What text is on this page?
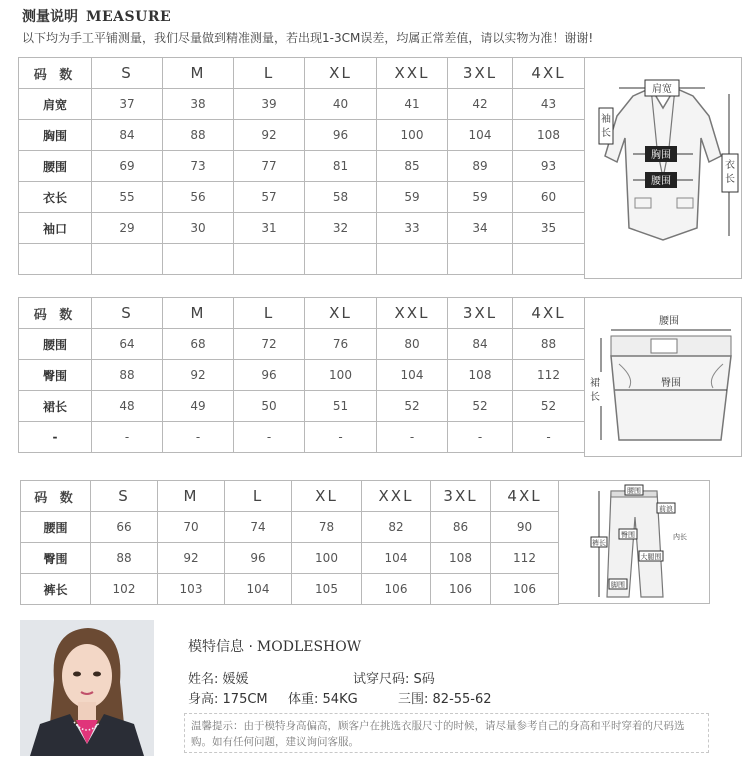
测量说明 MEASURE
以下均为手工平铺测量，我们尽量做到精准测量，若出现1-3CM误差，均属正常差值，请以实物为准！谢谢!
码 数	S	M	L	XL	XXL	3XL	4XL
肩宽	37	38	39	40	41	42	43
胸围	84	88	92	96	100	104	108
腰围	69	73	77	81	85	89	93
衣长	55	56	57	58	59	59	60
袖口	29	30	31	32	33	34	35

肩宽
袖长
胸围
腰围
衣长
码 数	S	M	L	XL	XXL	3XL	4XL
腰围	64	68	72	76	80	84	88
臀围	88	92	96	100	104	108	112
裙长	48	49	50	51	52	52	52
-	-	-	-	-	-	-	-
腰围
臀围
裙长
码 数	S	M	L	XL	XXL	3XL	4XL
腰围	66	70	74	78	82	86	90
臀围	88	92	96	100	104	108	112
裤长	102	103	104	105	106	106	106
腰围
前浪
臀围
裤长
大腿围
脚围
内长
模特信息 · MODLESHOW
姓名: 媛媛	试穿尺码: S码
身高: 175CM 体重: 54KG	三围: 82-55-62
温馨提示：由于模特身高偏高，顾客户在挑选衣服尺寸的时候，请尽量参考自己的身高和平时穿着的尺码选购。如有任何问题，建议询问客服。
